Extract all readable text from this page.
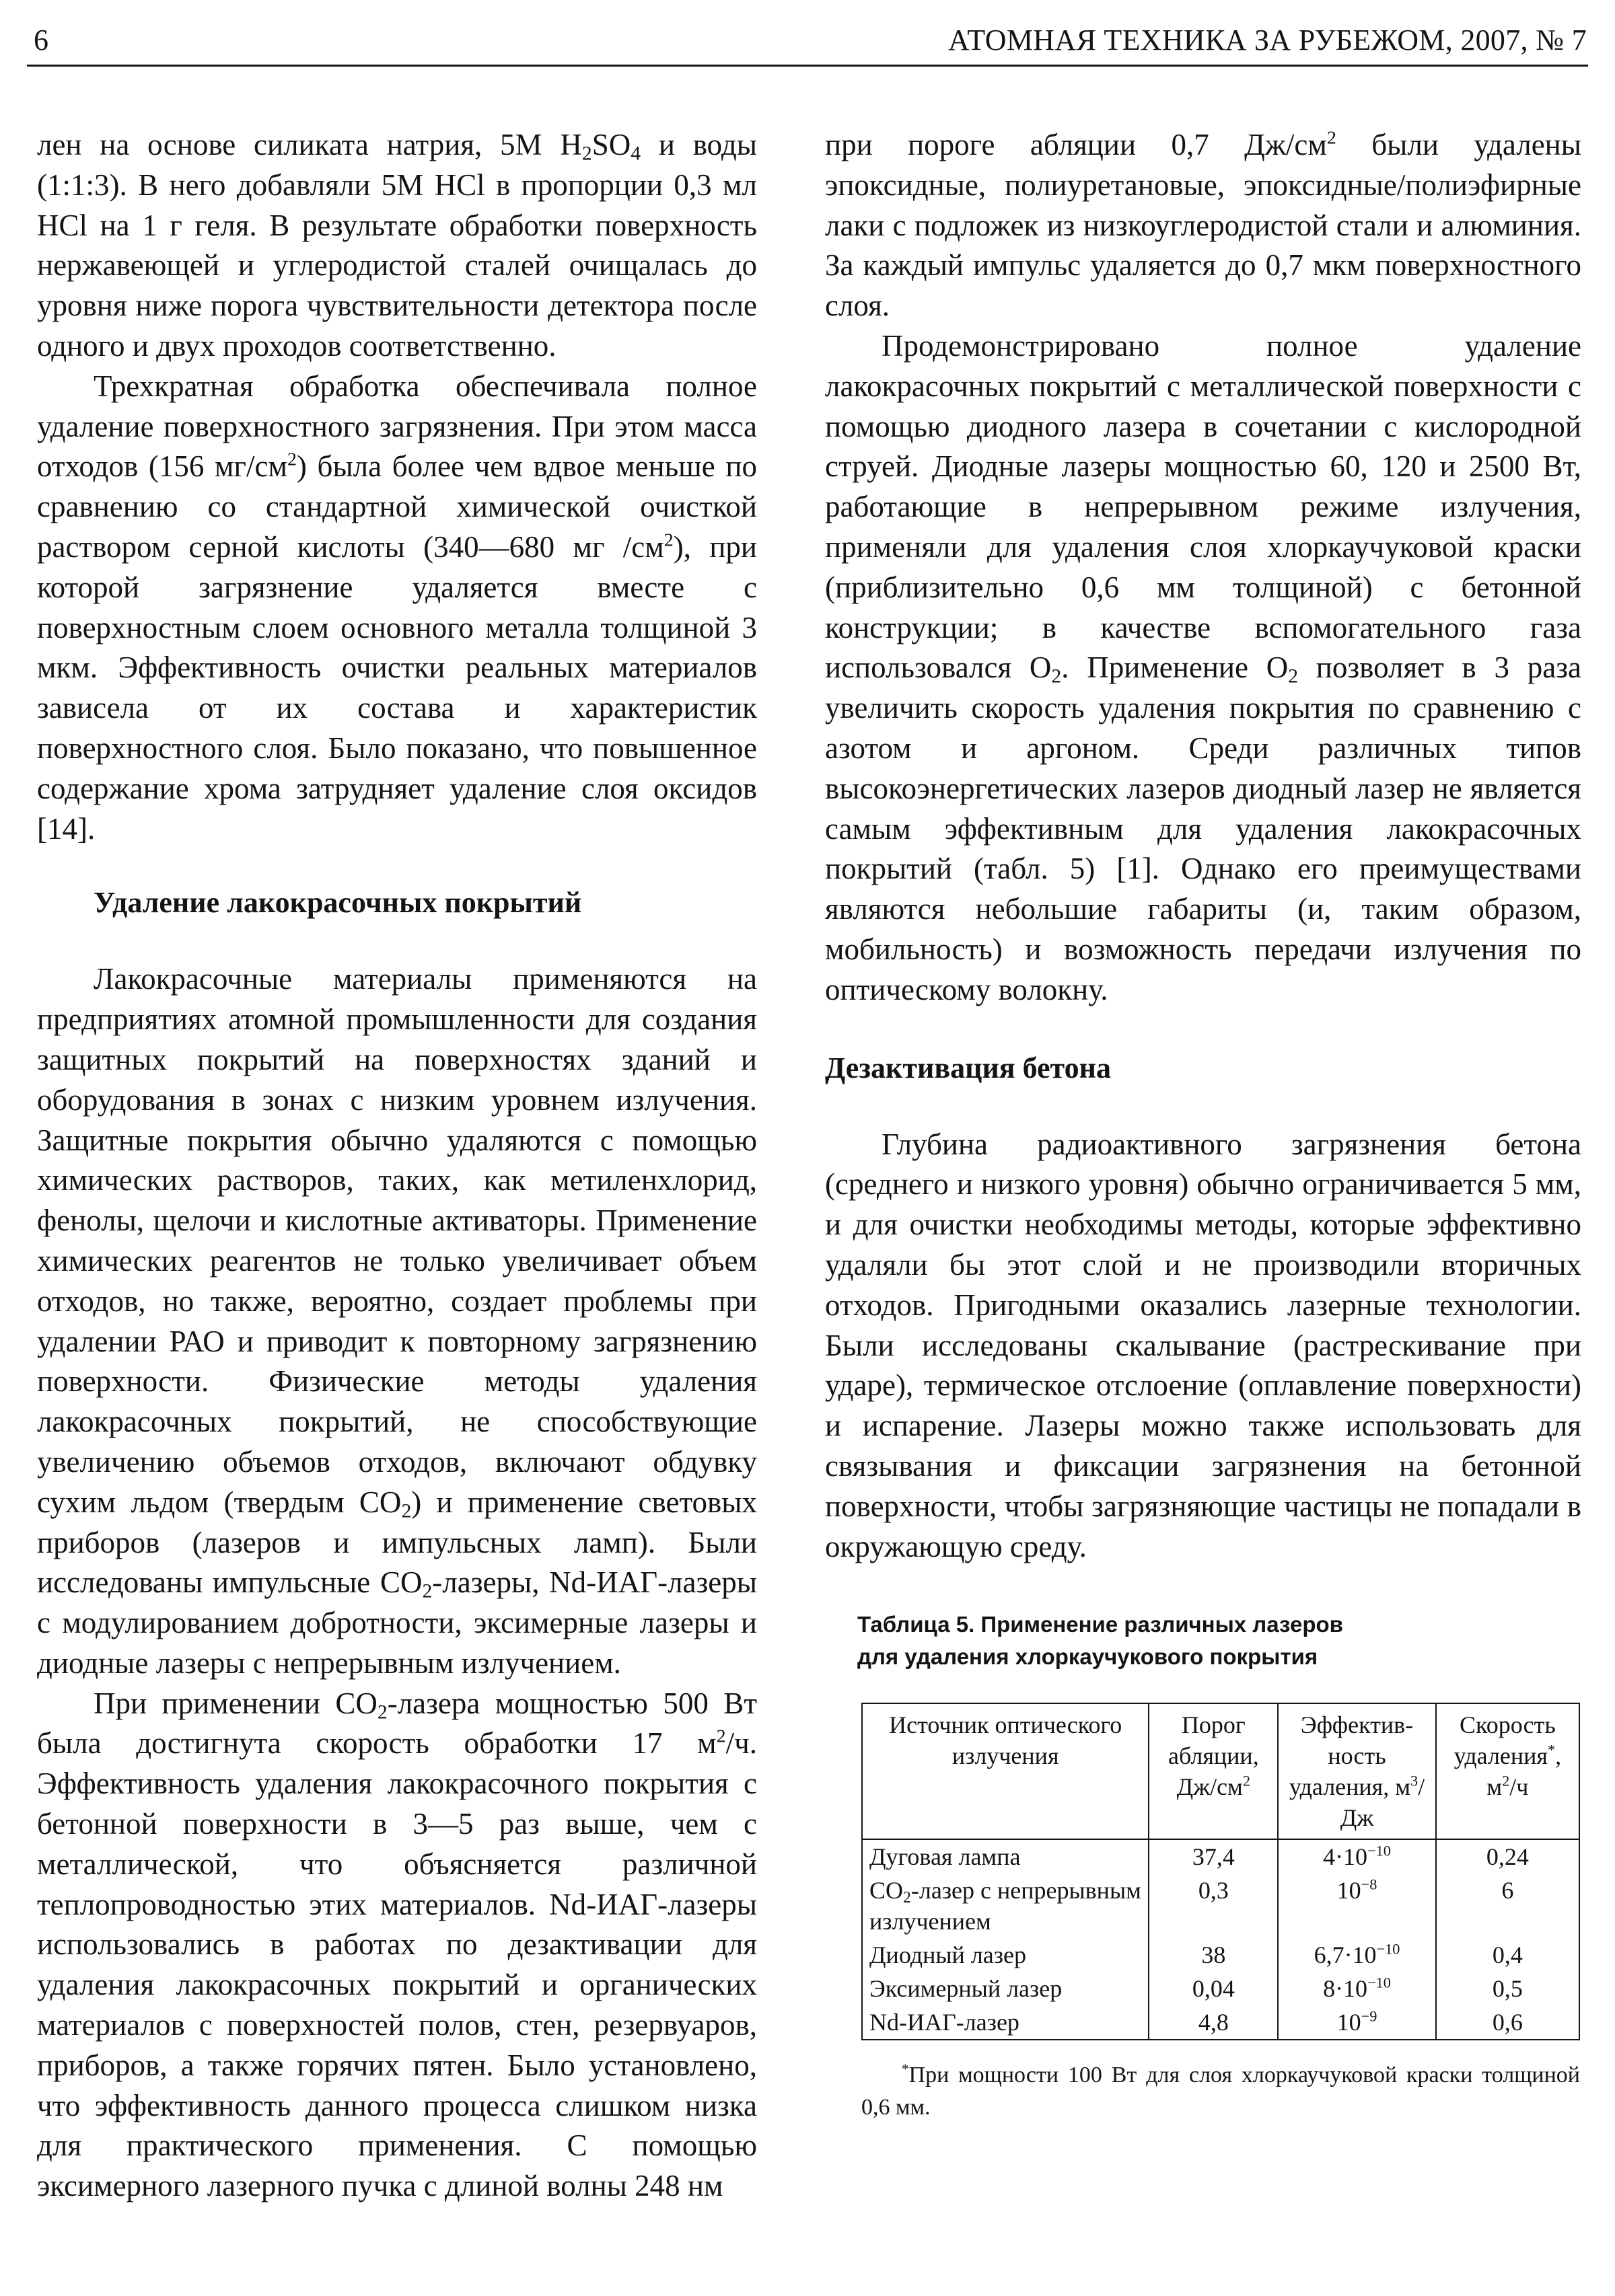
6	АТОМНАЯ ТЕХНИКА ЗА РУБЕЖОМ, 2007, № 7

лен на основе силиката натрия, 5M $H_2SO_4$ и воды (1:1:3). В него добавляли 5M HCl в пропорции 0,3 мл HCl на 1 г геля. В результате обработки поверхность нержавеющей и углеродистой сталей очищалась до уровня ниже порога чувствительности детектора после одного и двух проходов соответственно.

Трехкратная обработка обеспечивала полное удаление поверхностного загрязнения. При этом масса отходов (156 $мг/см^2$) была более чем вдвое меньше по сравнению со стандартной химической очисткой раствором серной кислоты (340—680 мг $/см^2$), при которой загрязнение удаляется вместе с поверхностным слоем основного металла толщиной 3 мкм. Эффективность очистки реальных материалов зависела от их состава и характеристик поверхностного слоя. Было показано, что повышенное содержание хрома затрудняет удаление слоя оксидов [14].

Удаление лакокрасочных покрытий

Лакокрасочные материалы применяются на предприятиях атомной промышленности для создания защитных покрытий на поверхностях зданий и оборудования в зонах с низким уровнем излучения. Защитные покрытия обычно удаляются с помощью химических растворов, таких, как метиленхлорид, фенолы, щелочи и кислотные активаторы. Применение химических реагентов не только увеличивает объем отходов, но также, вероятно, создает проблемы при удалении РАО и приводит к повторному загрязнению поверхности. Физические методы удаления лакокрасочных покрытий, не способствующие увеличению объемов отходов, включают обдувку сухим льдом (твердым $CO_2$) и применение световых приборов (лазеров и импульсных ламп). Были исследованы импульсные $CO_2$-лазеры, Nd-ИАГ-лазеры с модулированием добротности, эксимерные лазеры и диодные лазеры с непрерывным излучением.

При применении $CO_2$-лазера мощностью 500 Вт была достигнута скорость обработки 17 $м^2/ч$. Эффективность удаления лакокрасочного покрытия с бетонной поверхности в 3—5 раз выше, чем с металлической, что объясняется различной теплопроводностью этих материалов. Nd-ИАГ-лазеры использовались в работах по дезактивации для удаления лакокрасочных покрытий и органических материалов с поверхностей полов, стен, резервуаров, приборов, а также горячих пятен. Было установлено, что эффективность данного процесса слишком низка для практического применения. С помощью эксимерного лазерного пучка с длиной волны 248 нм

при пороге абляции 0,7 $Дж/см^2$ были удалены эпоксидные, полиуретановые, эпоксидные/полиэфирные лаки с подложек из низкоуглеродистой стали и алюминия. За каждый импульс удаляется до 0,7 мкм поверхностного слоя.

Продемонстрировано полное удаление лакокрасочных покрытий с металлической поверхности с помощью диодного лазера в сочетании с кислородной струей. Диодные лазеры мощностью 60, 120 и 2500 Вт, работающие в непрерывном режиме излучения, применяли для удаления слоя хлоркаучуковой краски (приблизительно 0,6 мм толщиной) с бетонной конструкции; в качестве вспомогательного газа использовался $O_2$. Применение $O_2$ позволяет в 3 раза увеличить скорость удаления покрытия по сравнению с азотом и аргоном. Среди различных типов высокоэнергетических лазеров диодный лазер не является самым эффективным для удаления лакокрасочных покрытий (табл. 5) [1]. Однако его преимуществами являются небольшие габариты (и, таким образом, мобильность) и возможность передачи излучения по оптическому волокну.

Дезактивация бетона

Глубина радиоактивного загрязнения бетона (среднего и низкого уровня) обычно ограничивается 5 мм, и для очистки необходимы методы, которые эффективно удаляли бы этот слой и не производили вторичных отходов. Пригодными оказались лазерные технологии. Были исследованы скалывание (растрескивание при ударе), термическое отслоение (оплавление поверхности) и испарение. Лазеры можно также использовать для связывания и фиксации загрязнения на бетонной поверхности, чтобы загрязняющие частицы не попадали в окружающую среду.

Таблица 5. Применение различных лазеров
для удаления хлоркаучукового покрытия
Источник оптического излучения	Порог абляции, $Дж/см^2$	Эффективность удаления, $м^3/Дж$	Скорость удаления*, $м^2/ч$
Дуговая лампа	37,4	$4\cdot 10^{-10}$	0,24
$CO_2$-лазер с непрерывным излучением	0,3	$10^{-8}$	6
Диодный лазер	38	$6,7\cdot 10^{-10}$	0,4
Эксимерный лазер	0,04	$8\cdot 10^{-10}$	0,5
Nd-ИАГ-лазер	4,8	$10^{-9}$	0,6
*При мощности 100 Вт для слоя хлоркаучуковой краски толщиной 0,6 мм.
